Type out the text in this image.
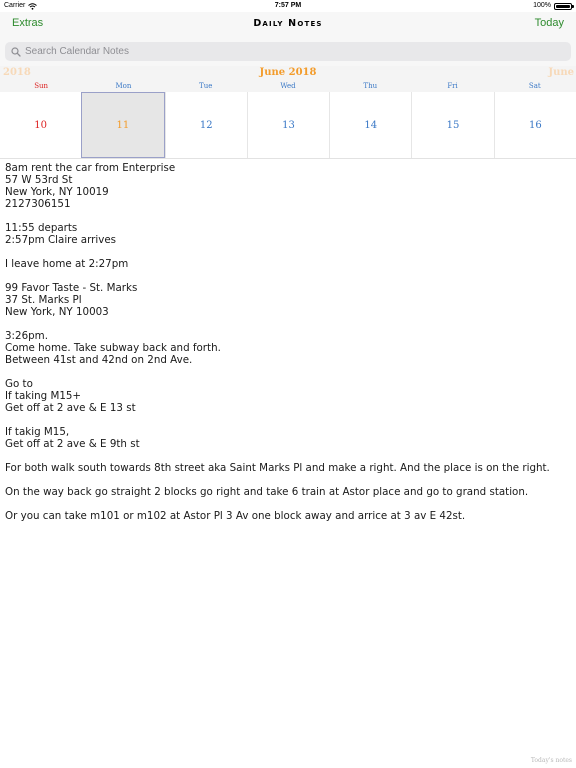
Carrier	7:57 PM	100%
Extras	Daily Notes	Today
Search Calendar Notes
2018	June 2018	June
Sun	Mon	Tue	Wed	Thu	Fri	Sat
10	11	12	13	14	15	16

8am rent the car from Enterprise
57 W 53rd St
New York, NY 10019
2127306151

11:55 departs
2:57pm Claire arrives

I leave home at 2:27pm

99 Favor Taste - St. Marks
37 St. Marks Pl
New York, NY 10003

3:26pm.
Come home. Take subway back and forth.
Between 41st and 42nd on 2nd Ave.

Go to
If taking M15+
Get off at 2 ave & E 13 st

If takig M15,
Get off at 2 ave & E 9th st

For both walk south towards 8th street aka Saint Marks Pl and make a right. And the place is on the right.

On the way back go straight 2 blocks go right and take 6 train at Astor place and go to grand station.

Or you can take m101 or m102 at Astor Pl 3 Av one block away and arrice at 3 av E 42st.

Today's notes
